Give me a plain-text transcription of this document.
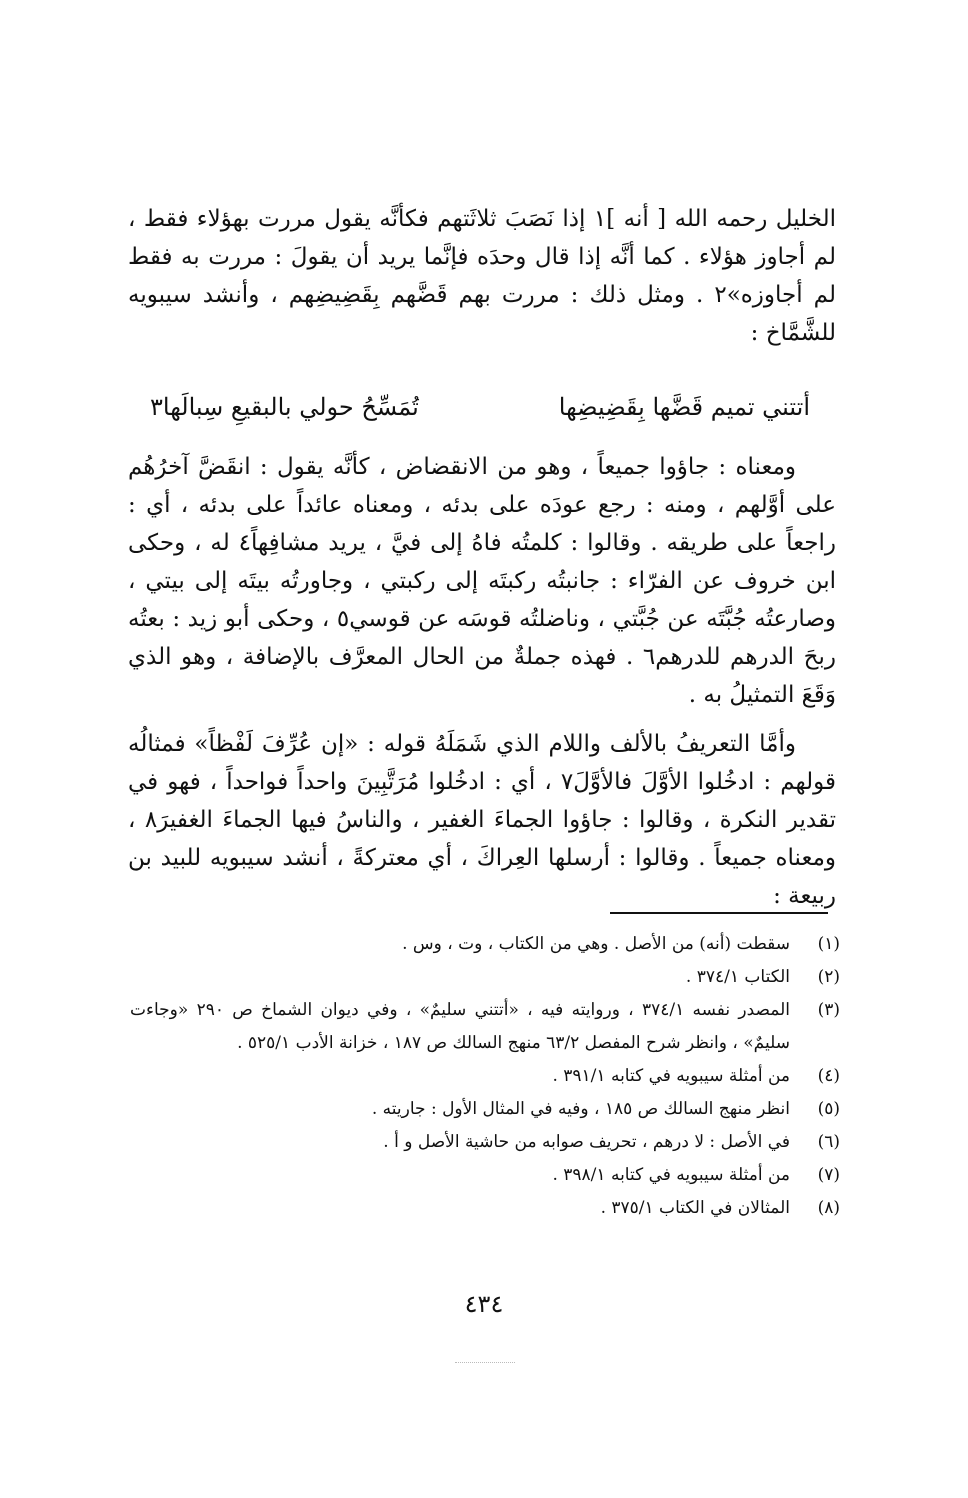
الخليل رحمه الله [ أنه ]١ إذا نَصَبَ ثلاثَتهم فكأنَّه يقول مررت بهؤلاء فقط ، لم أجاوز هؤلاء . كما أنَّه إذا قال وحدَه فإنَّما يريد أن يقولَ : مررت به فقط لم أجاوزه»٢ . ومثل ذلك : مررت بهم قَضَّهم بِقَضِيضِهم ، وأنشد سيبويه للشَّمَّاخ :

أتتني تميم قَضَّها بِقَضِيضِها
تُمَسِّحُ حولي بالبقيعِ سِبالَها٣

ومعناه : جاؤوا جميعاً ، وهو من الانقضاض ، كأنَّه يقول : انقَضَّ آخرُهُم على أوَّلهم ، ومنه : رجع عودَه على بدئه ، ومعناه عائداً على بدئه ، أي : راجعاً على طريقه . وقالوا : كلمتُه فاهُ إلى فيَّ ، يريد مشافِهاً٤ له ، وحكى ابن خروف عن الفرّاء : جانبتُه ركبتَه إلى ركبتي ، وجاورتُه بيتَه إلى بيتي ، وصارعتُه جُبَّتَه عن جُبَّتي ، وناضلتُه قوسَه عن قوسي٥ ، وحكى أبو زيد : بعتُه ربحَ الدرهم للدرهم٦ . فهذه جملةٌ من الحال المعرَّف بالإضافة ، وهو الذي وَقَعَ التمثيلُ به .

وأمَّا التعريفُ بالألف واللام الذي شَمَلَهُ قوله : «إن عُرِّفَ لَفْظاً» فمثالُه قولهم : ادخُلوا الأوَّلَ فالأوَّلَ٧ ، أي : ادخُلوا مُرَتَّبِينَ واحداً فواحداً ، فهو في تقدير النكرة ، وقالوا : جاؤوا الجماءَ الغفير ، والناسُ فيها الجماءَ الغفيرَ٨ ، ومعناه جميعاً . وقالوا : أرسلها العِراكَ ، أي معتركةً ، أنشد سيبويه للبيد بن ربيعة :

(١)
سقطت (أنه) من الأصل . وهي من الكتاب ، وت ، وس .
(٢)
الكتاب ٣٧٤/١ .
(٣)
المصدر نفسه ٣٧٤/١ ، وروايته فيه ، «أتتني سليمٌ» ، وفي ديوان الشماخ ص ٢٩٠ «وجاءت سليمٌ» ، وانظر شرح المفصل ٦٣/٢ منهج السالك ص ١٨٧ ، خزانة الأدب ٥٢٥/١ .
(٤)
من أمثلة سيبويه في كتابه ٣٩١/١ .
(٥)
انظر منهج السالك ص ١٨٥ ، وفيه في المثال الأول : جاريته .
(٦)
في الأصل : لا درهم ، تحريف صوابه من حاشية الأصل و أ .
(٧)
من أمثلة سيبويه في كتابه ٣٩٨/١ .
(٨)
المثالان في الكتاب ٣٧٥/١ .
٤٣٤
